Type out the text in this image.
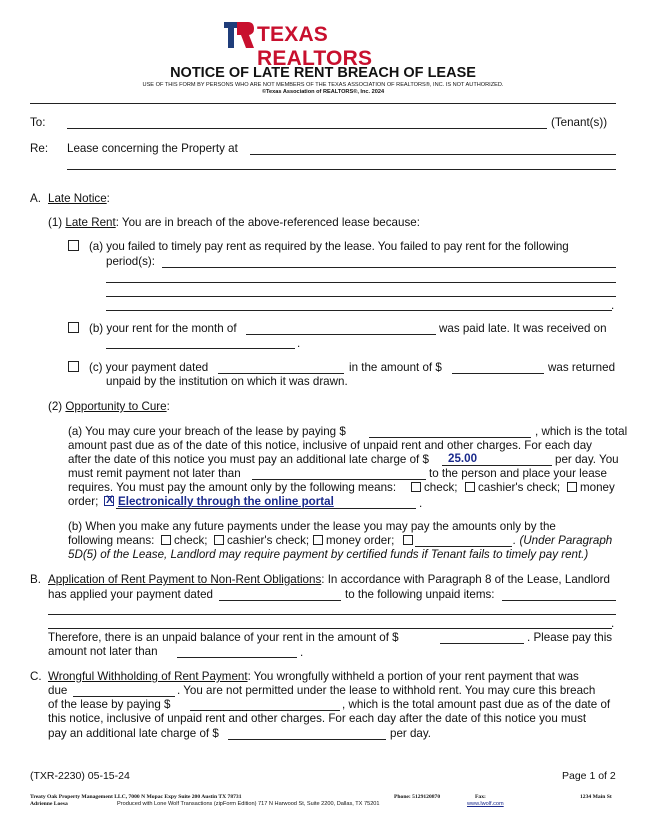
TEXAS REALTORS
NOTICE OF LATE RENT BREACH OF LEASE
USE OF THIS FORM BY PERSONS WHO ARE NOT MEMBERS OF THE TEXAS ASSOCIATION OF REALTORS®, INC. IS NOT AUTHORIZED.
©Texas Association of REALTORS®, Inc. 2024
To:	(Tenant(s))
Re: Lease concerning the Property at
A. Late Notice:
(1) Late Rent: You are in breach of the above-referenced lease because:
(a) you failed to timely pay rent as required by the lease. You failed to pay rent for the following
period(s):
.
(b) your rent for the month of	was paid late. It was received on
.
(c) your payment dated	in the amount of $	was returned
unpaid by the institution on which it was drawn.
(2) Opportunity to Cure:
(a) You may cure your breach of the lease by paying $	, which is the total
amount past due as of the date of this notice, inclusive of unpaid rent and other charges. For each day
after the date of this notice you must pay an additional late charge of $ 25.00	per day. You
must remit payment not later than	to the person and place your lease
requires. You must pay the amount only by the following means: check; cashier's check; money
order; X Electronically through the online portal	.
(b) When you make any future payments under the lease you may pay the amounts only by the
following means: check; cashier's check; money order;	. (Under Paragraph
5D(5) of the Lease, Landlord may require payment by certified funds if Tenant fails to timely pay rent.)
B. Application of Rent Payment to Non-Rent Obligations: In accordance with Paragraph 8 of the Lease, Landlord
has applied your payment dated	to the following unpaid items:
.
Therefore, there is an unpaid balance of your rent in the amount of $	. Please pay this
amount not later than	.
C. Wrongful Withholding of Rent Payment: You wrongfully withheld a portion of your rent payment that was
due	. You are not permitted under the lease to withhold rent. You may cure this breach
of the lease by paying $	, which is the total amount past due as of the date of
this notice, inclusive of unpaid rent and other charges. For each day after the date of this notice you must
pay an additional late charge of $	per day.
(TXR-2230) 05-15-24	Page 1 of 2
Treaty Oak Property Management LLC, 7000 N Mopac Expy Suite 200 Austin TX 78731	Phone: 5129120870	Fax:	1234 Main St
Adrienne Loesa	Produced with Lone Wolf Transactions (zipForm Edition) 717 N Harwood St, Suite 2200, Dallas, TX 75201	www.lwolf.com
